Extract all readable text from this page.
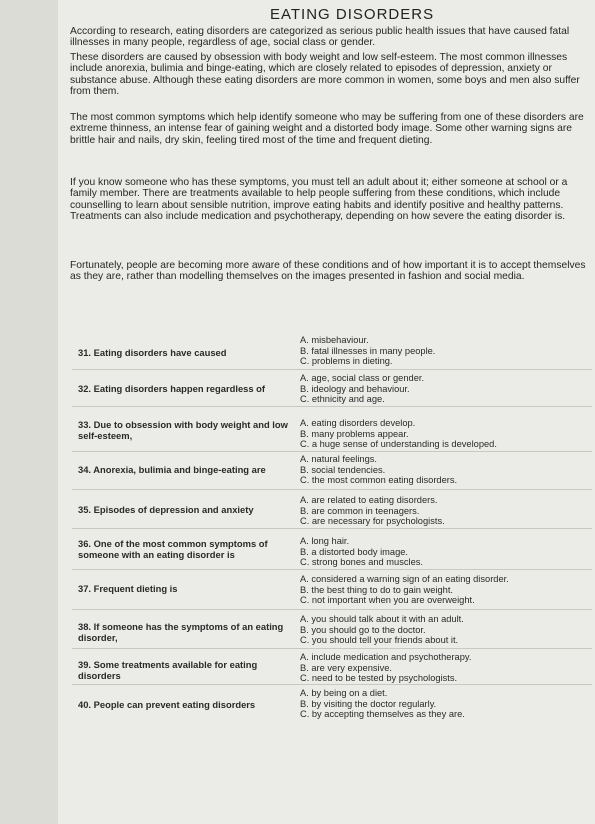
EATING DISORDERS

According to research, eating disorders are categorized as serious public health issues that have caused fatal illnesses in many people, regardless of age, social class or gender.

These disorders are caused by obsession with body weight and low self-esteem. The most common illnesses include anorexia, bulimia and binge-eating, which are closely related to episodes of depression, anxiety or substance abuse. Although these eating disorders are more common in women, some boys and men also suffer from them.

The most common symptoms which help identify someone who may be suffering from one of these disorders are extreme thinness, an intense fear of gaining weight and a distorted body image. Some other warning signs are brittle hair and nails, dry skin, feeling tired most of the time and frequent dieting.

If you know someone who has these symptoms, you must tell an adult about it; either someone at school or a family member. There are treatments available to help people suffering from these conditions, which include counselling to learn about sensible nutrition, improve eating habits and identify positive and healthy patterns. Treatments can also include medication and psychotherapy, depending on how severe the eating disorder is.

Fortunately, people are becoming more aware of these conditions and of how important it is to accept themselves as they are, rather than modelling themselves on the images presented in fashion and social media.

31. Eating disorders have caused
A. misbehaviour.
B. fatal illnesses in many people.
C. problems in dieting.
32. Eating disorders happen regardless of
A. age, social class or gender.
B. ideology and behaviour.
C. ethnicity and age.
33. Due to obsession with body weight and low self-esteem,
A. eating disorders develop.
B. many problems appear.
C. a huge sense of understanding is developed.
34. Anorexia, bulimia and binge-eating are
A. natural feelings.
B. social tendencies.
C. the most common eating disorders.
35. Episodes of depression and anxiety
A. are related to eating disorders.
B. are common in teenagers.
C. are necessary for psychologists.
36. One of the most common symptoms of someone with an eating disorder is
A. long hair.
B. a distorted body image.
C. strong bones and muscles.
37. Frequent dieting is
A. considered a warning sign of an eating disorder.
B. the best thing to do to gain weight.
C. not important when you are overweight.
38. If someone has the symptoms of an eating disorder,
A. you should talk about it with an adult.
B. you should go to the doctor.
C. you should tell your friends about it.
39. Some treatments available for eating disorders
A. include medication and psychotherapy.
B. are very expensive.
C. need to be tested by psychologists.
40. People can prevent eating disorders
A. by being on a diet.
B. by visiting the doctor regularly.
C. by accepting themselves as they are.
